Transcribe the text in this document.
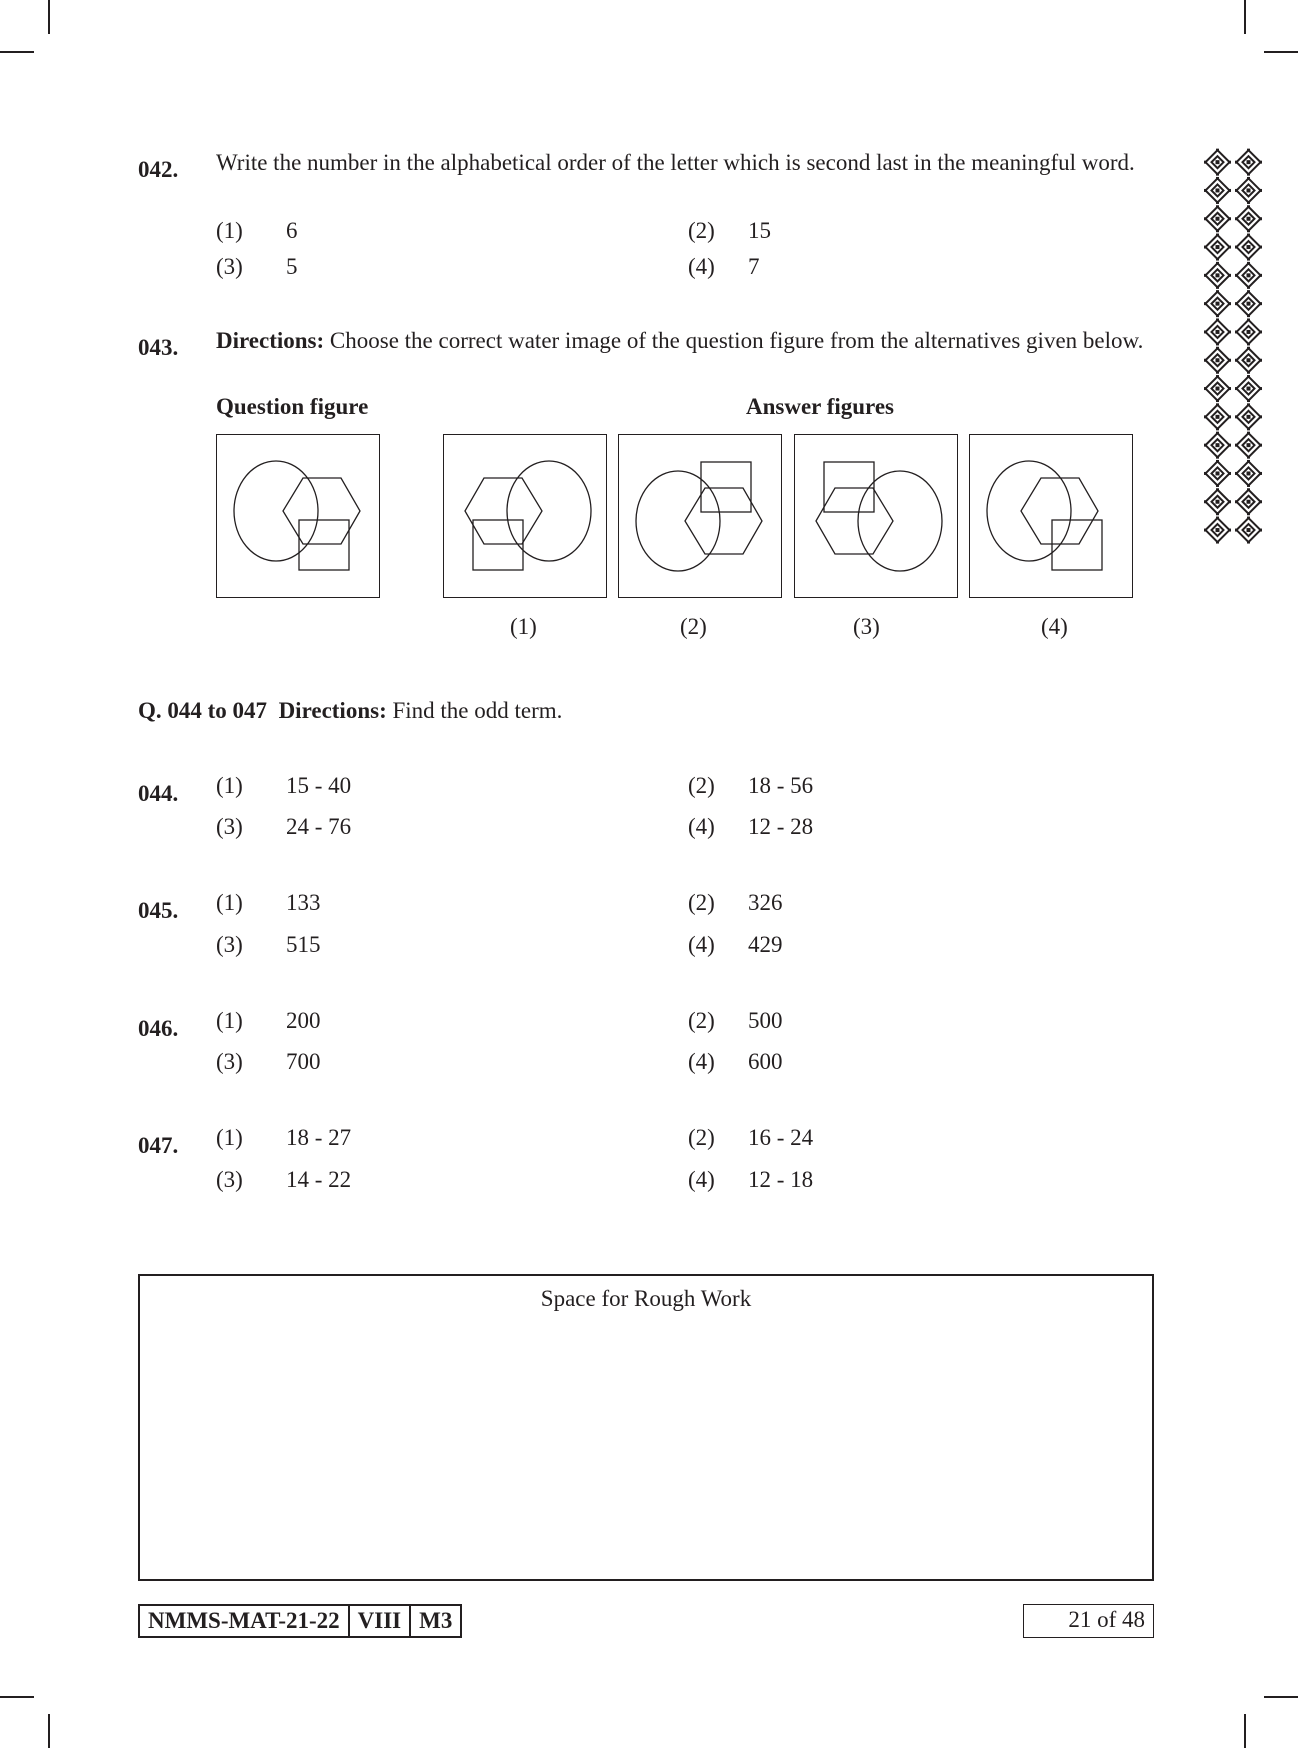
042. Write the number in the alphabetical order of the letter which is second last in the meaningful word.
(1) 6	(2) 15
(3) 5	(4) 7
043. Directions: Choose the correct water image of the question figure from the alternatives given below.
Question figure	Answer figures
(1)	(2)	(3)	(4)
Q. 044 to 047 Directions: Find the odd term.
044. (1) 15 - 40	(2) 18 - 56
(3) 24 - 76	(4) 12 - 28
045. (1) 133	(2) 326
(3) 515	(4) 429
046. (1) 200	(2) 500
(3) 700	(4) 600
047. (1) 18 - 27	(2) 16 - 24
(3) 14 - 22	(4) 12 - 18
Space for Rough Work
NMMS-MAT-21-22 VIII M3	21 of 48
